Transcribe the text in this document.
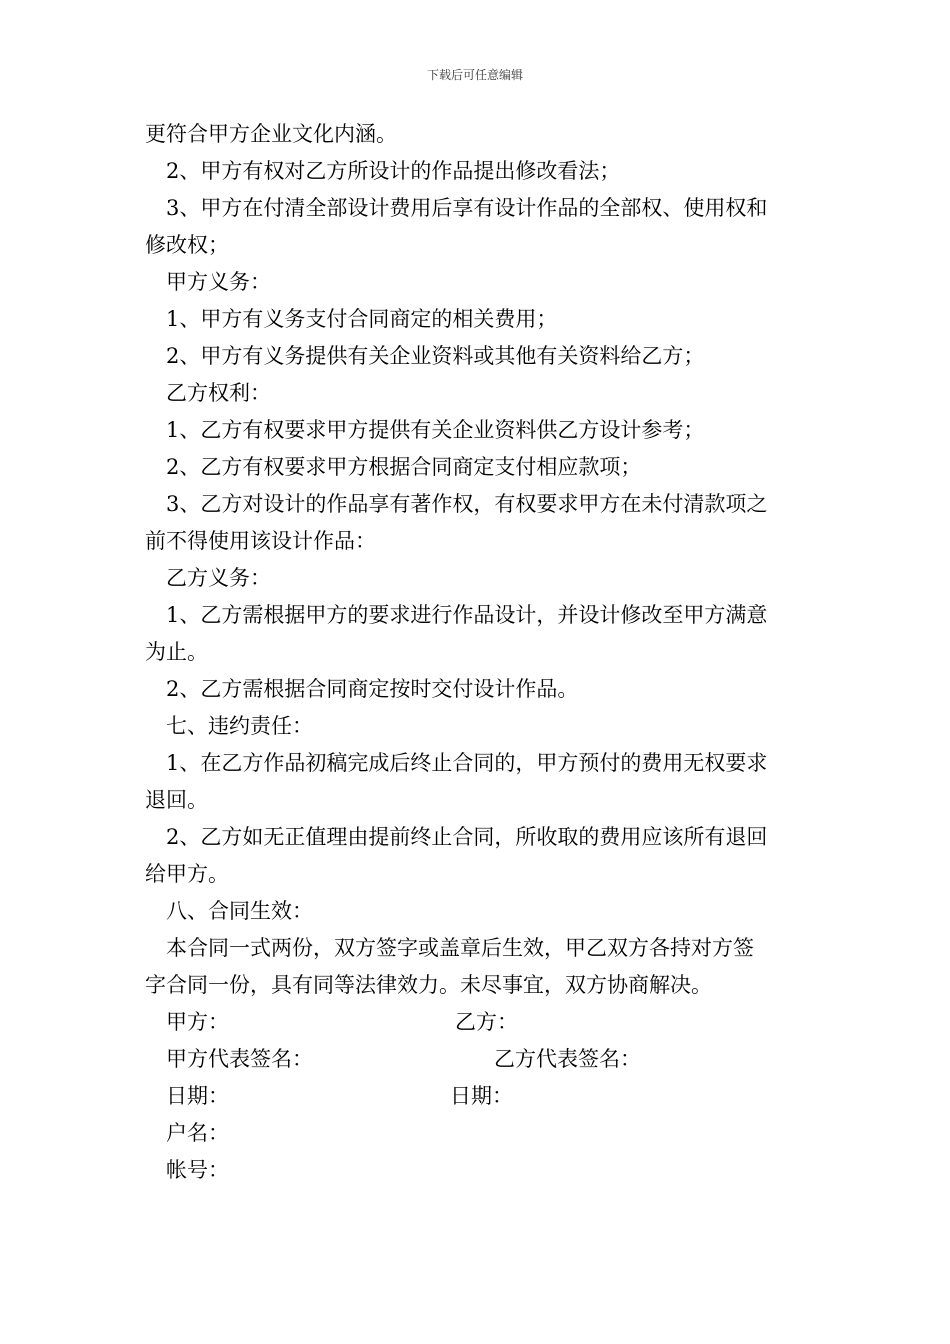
下载后可任意编辑
更符合甲方企业文化内涵。
2、甲方有权对乙方所设计的作品提出修改看法；
3、甲方在付清全部设计费用后享有设计作品的全部权、使用权和
修改权；
甲方义务：
1、甲方有义务支付合同商定的相关费用；
2、甲方有义务提供有关企业资料或其他有关资料给乙方；
乙方权利：
1、乙方有权要求甲方提供有关企业资料供乙方设计参考；
2、乙方有权要求甲方根据合同商定支付相应款项；
3、乙方对设计的作品享有著作权，有权要求甲方在未付清款项之
前不得使用该设计作品：
乙方义务：
1、乙方需根据甲方的要求进行作品设计，并设计修改至甲方满意
为止。
2、乙方需根据合同商定按时交付设计作品。
七、违约责任：
1、在乙方作品初稿完成后终止合同的，甲方预付的费用无权要求
退回。
2、乙方如无正值理由提前终止合同，所收取的费用应该所有退回
给甲方。
八、合同生效：
本合同一式两份，双方签字或盖章后生效，甲乙双方各持对方签
字合同一份，具有同等法律效力。未尽事宜，双方协商解决。
甲方：	乙方：
甲方代表签名：	乙方代表签名：
日期：	日期：
户名：
帐号：
